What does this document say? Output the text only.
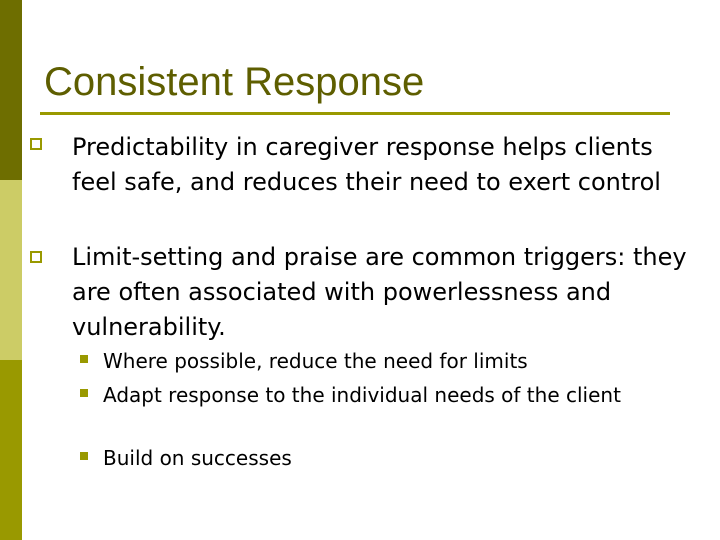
Consistent Response
Predictability in caregiver response helps clients feel safe, and reduces their need to exert control
Limit-setting and praise are common triggers: they are often associated with powerlessness and vulnerability.
Where possible, reduce the need for limits
Adapt response to the individual needs of the client
Build on successes
